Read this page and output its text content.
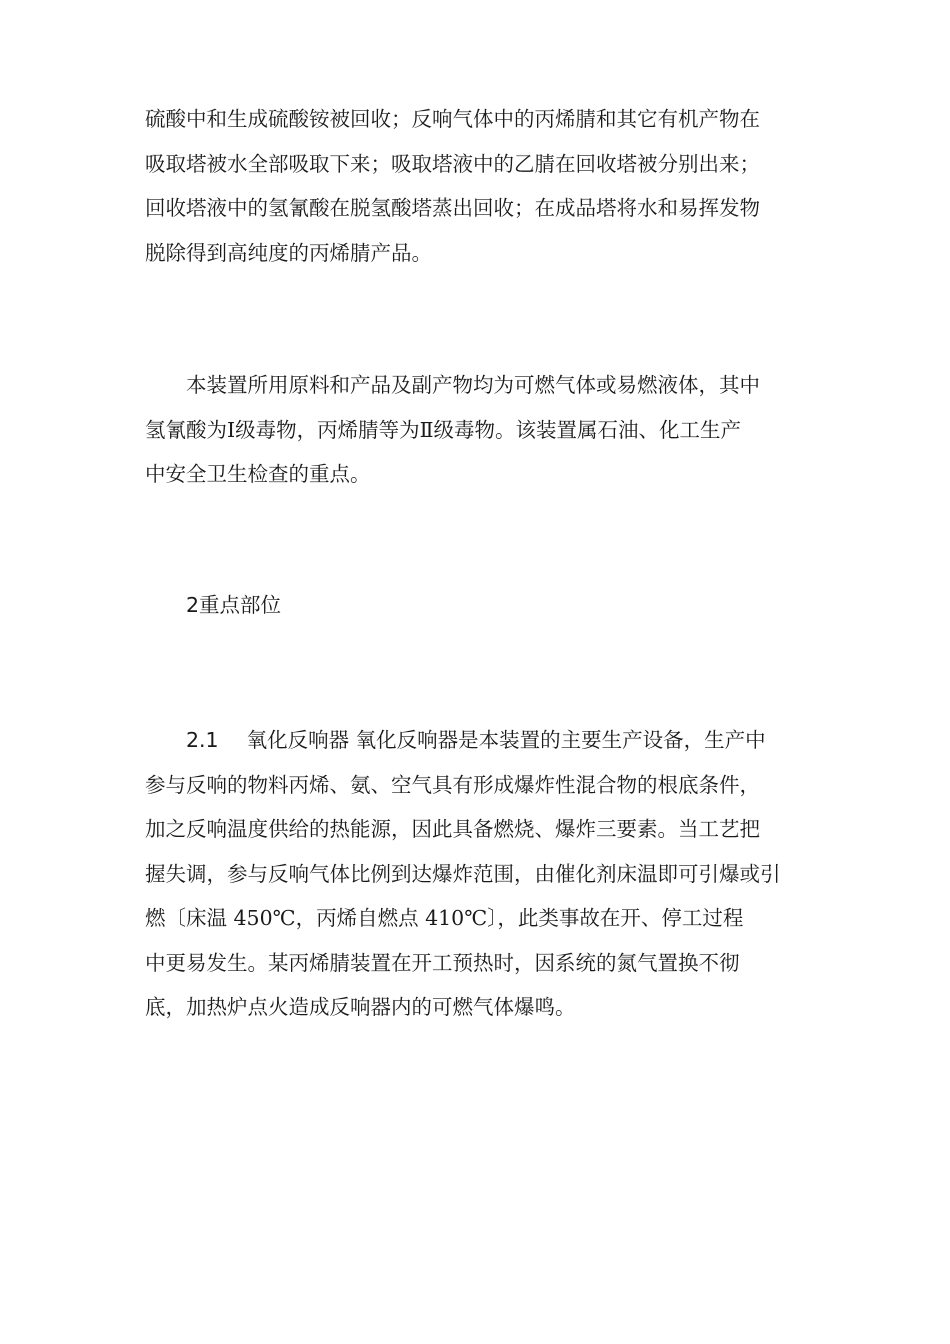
硫酸中和生成硫酸铵被回收；反响气体中的丙烯腈和其它有机产物在
吸取塔被水全部吸取下来；吸取塔液中的乙腈在回收塔被分别出来；
回收塔液中的氢氰酸在脱氢酸塔蒸出回收；在成品塔将水和易挥发物
脱除得到高纯度的丙烯腈产品。
本装置所用原料和产品及副产物均为可燃气体或易燃液体，其中
氢氰酸为Ⅰ级毒物，丙烯腈等为Ⅱ级毒物。该装置属石油、化工生产
中安全卫生检查的重点。
2重点部位
2.1 氧化反响器 氧化反响器是本装置的主要生产设备，生产中
参与反响的物料丙烯、氨、空气具有形成爆炸性混合物的根底条件，
加之反响温度供给的热能源，因此具备燃烧、爆炸三要素。当工艺把
握失调，参与反响气体比例到达爆炸范围，由催化剂床温即可引爆或引
燃〔床温 450℃，丙烯自燃点 410℃〕，此类事故在开、停工过程
中更易发生。某丙烯腈装置在开工预热时，因系统的氮气置换不彻
底，加热炉点火造成反响器内的可燃气体爆鸣。
